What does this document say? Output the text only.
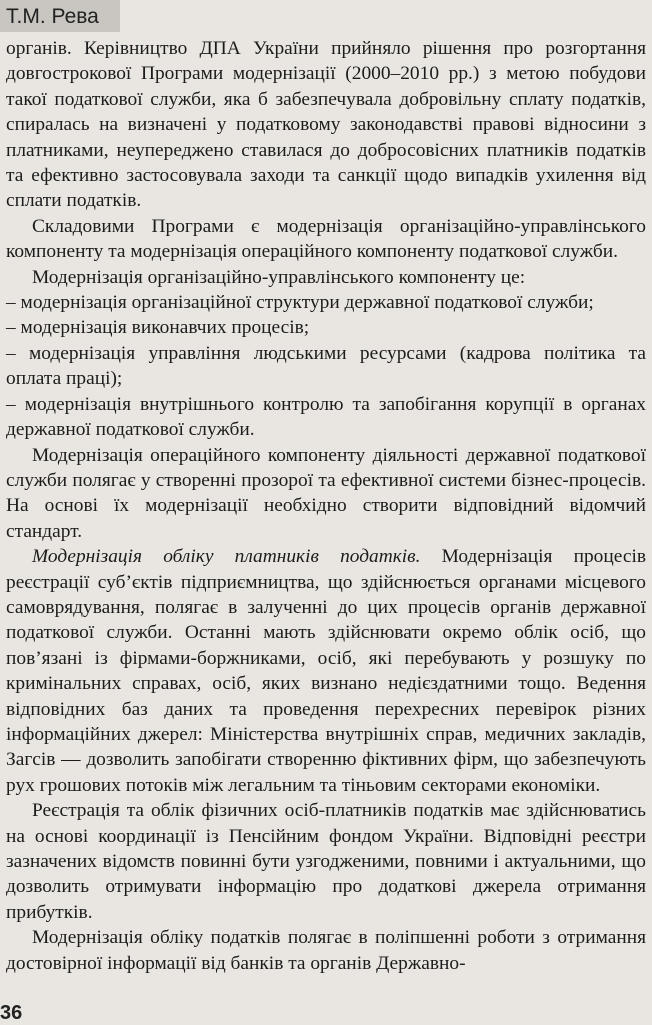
Т.М. Рева

органів. Керівництво ДПА України прийняло рішення про розгортання довгострокової Програми модернізації (2000–2010 рр.) з метою побудови такої податкової служби, яка б забезпечувала добровільну сплату податків, спиралась на визначені у податковому законодавстві правові відносини з платниками, неупереджено ставилася до добросовісних платників податків та ефективно застосовувала заходи та санкції щодо випадків ухилення від сплати податків.

Складовими Програми є модернізація організаційно-управлінського компоненту та модернізація операційного компоненту податкової служби.

Модернізація організаційно-управлінського компоненту це:

– модернізація організаційної структури державної податкової служби;

– модернізація виконавчих процесів;

– модернізація управління людськими ресурсами (кадрова політика та оплата праці);

– модернізація внутрішнього контролю та запобігання корупції в органах державної податкової служби.

Модернізація операційного компоненту діяльності державної податкової служби полягає у створенні прозорої та ефективної системи бізнес-процесів. На основі їх модернізації необхідно створити відповідний відомчий стандарт.

Модернізація обліку платників податків. Модернізація процесів реєстрації суб’єктів підприємництва, що здійснюється органами місцевого самоврядування, полягає в залученні до цих процесів органів державної податкової служби. Останні мають здійснювати окремо облік осіб, що пов’язані із фірмами-боржниками, осіб, які перебувають у розшуку по кримінальних справах, осіб, яких визнано недієздатними тощо. Ведення відповідних баз даних та проведення перехресних перевірок різних інформаційних джерел: Міністерства внутрішніх справ, медичних закладів, Загсів — дозволить запобігати створенню фіктивних фірм, що забезпечують рух грошових потоків між легальним та тіньовим секторами економіки.

Реєстрація та облік фізичних осіб-платників податків має здійснюватись на основі координації із Пенсійним фондом України. Відповідні реєстри зазначених відомств повинні бути узгодженими, повними і актуальними, що дозволить отримувати інформацію про додаткові джерела отримання прибутків.

Модернізація обліку податків полягає в поліпшенні роботи з отримання достовірної інформації від банків та органів Державно-

36
